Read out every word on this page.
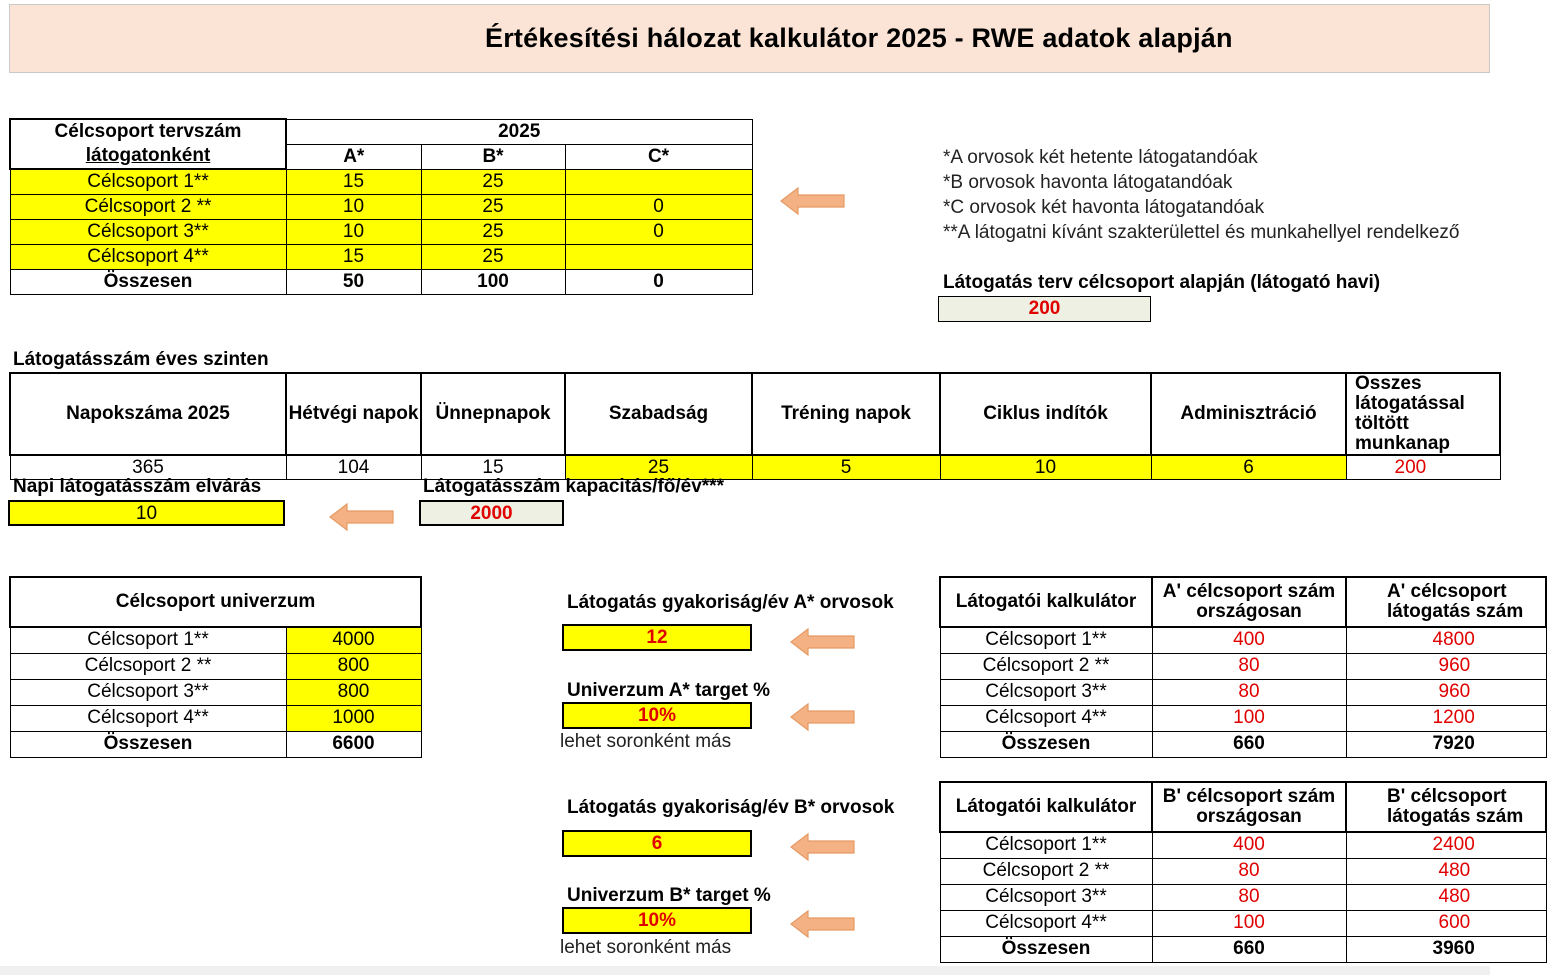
Értékesítési hálozat kalkulátor 2025 - RWE adatok alapján
Célcsoport tervszám
látogatonként	2025		
	A*	B*	C*
Célcsoport 1**	15	25	
Célcsoport 2 **	10	25	0
Célcsoport 3**	10	25	0
Célcsoport 4**	15	25	
Összesen	50	100	0
*A orvosok két hetente látogatandóak
*B orvosok havonta látogatandóak
*C orvosok két havonta látogatandóak
**A látogatni kívánt szakterülettel és munkahellyel rendelkező
Látogatás terv célcsoport alapján (látogató havi)
200
Látogatásszám éves szinten
Napokszáma 2025	Hétvégi napok	Ünnepnapok	Szabadság	Tréning napok	Ciklus indítók	Adminisztráció	Összes látogatással töltött munkanap
365	104	15	25	5	10	6	200
Napi látogatásszám elvárás
10
Látogatásszám kapacitás/fő/év***
2000
Célcsoport univerzum	
Célcsoport 1**	4000
Célcsoport 2 **	800
Célcsoport 3**	800
Célcsoport 4**	1000
Összesen	6600
Látogatás gyakoriság/év A* orvosok
12
Univerzum A* target %
10%
lehet soronként más
Látogatói kalkulátor	A' célcsoport szám országosan	A' célcsoport látogatás szám
Célcsoport 1**	400	4800
Célcsoport 2 **	80	960
Célcsoport 3**	80	960
Célcsoport 4**	100	1200
Összesen	660	7920
Látogatás gyakoriság/év B* orvosok
6
Univerzum B* target %
10%
lehet soronként más
Látogatói kalkulátor	B' célcsoport szám országosan	B' célcsoport látogatás szám
Célcsoport 1**	400	2400
Célcsoport 2 **	80	480
Célcsoport 3**	80	480
Célcsoport 4**	100	600
Összesen	660	3960
